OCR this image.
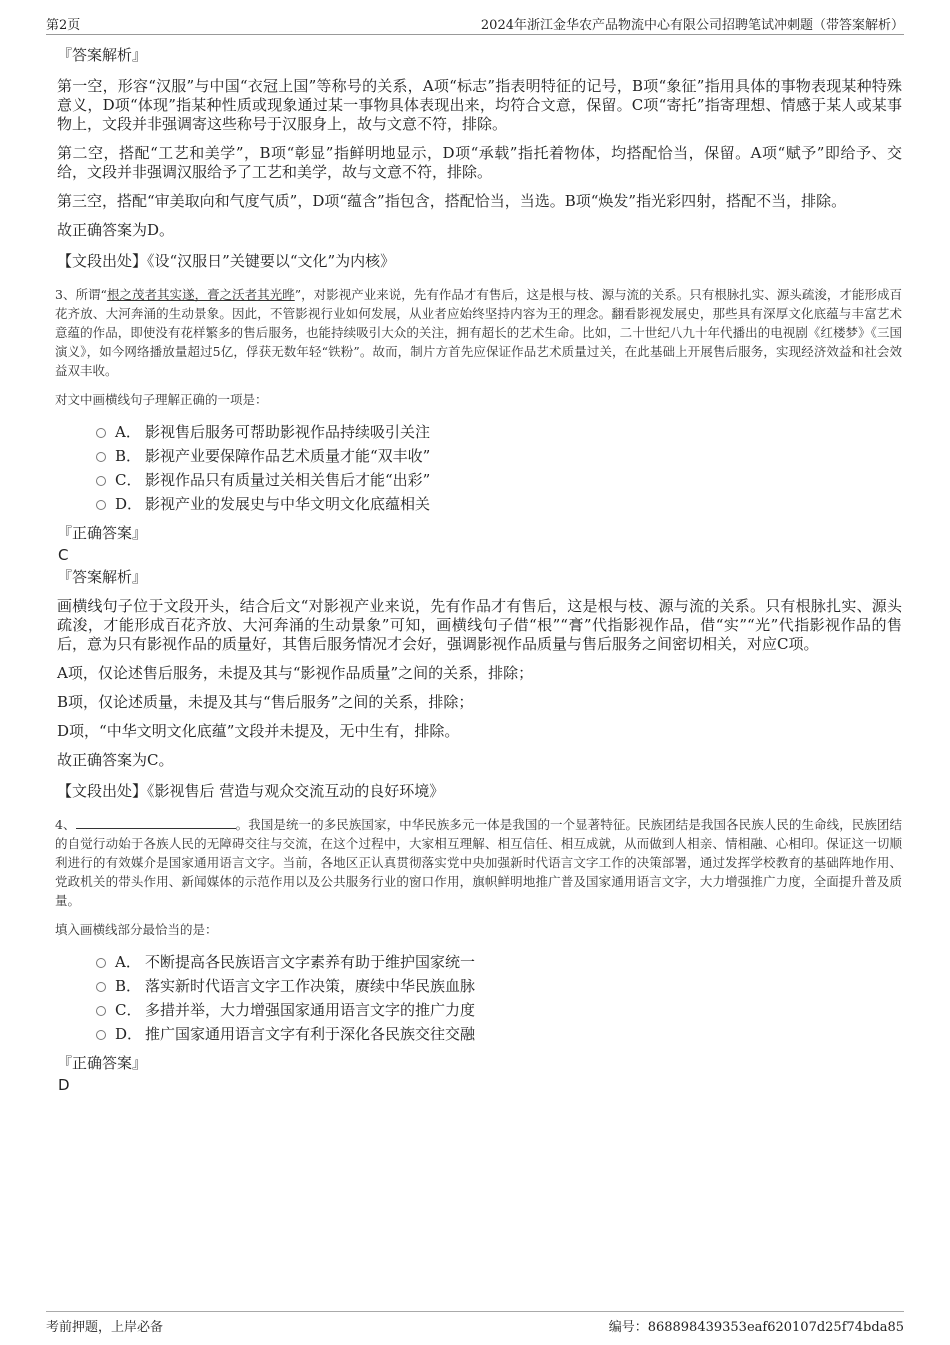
第2页	2024年浙江金华农产品物流中心有限公司招聘笔试冲刺题（带答案解析）
『答案解析』

第一空，形容“汉服”与中国“衣冠上国”等称号的关系，A项“标志”指表明特征的记号，B项“象征”指用具体的事物表现某种特殊意义，D项“体现”指某种性质或现象通过某一事物具体表现出来，均符合文意，保留。C项“寄托”指寄理想、情感于某人或某事物上，文段并非强调寄这些称号于汉服身上，故与文意不符，排除。

第二空，搭配“工艺和美学”，B项“彰显”指鲜明地显示，D项“承载”指托着物体，均搭配恰当，保留。A项“赋予”即给予、交给，文段并非强调汉服给予了工艺和美学，故与文意不符，排除。

第三空，搭配“审美取向和气度气质”，D项“蕴含”指包含，搭配恰当，当选。B项“焕发”指光彩四射，搭配不当，排除。

故正确答案为D。

【文段出处】《设“汉服日”关键要以“文化”为内核》

3、所谓“根之茂者其实遂，膏之沃者其光晔”，对影视产业来说，先有作品才有售后，这是根与枝、源与流的关系。只有根脉扎实、源头疏浚，才能形成百花齐放、大河奔涌的生动景象。因此，不管影视行业如何发展，从业者应始终坚持内容为王的理念。翻看影视发展史，那些具有深厚文化底蕴与丰富艺术意蕴的作品，即使没有花样繁多的售后服务，也能持续吸引大众的关注，拥有超长的艺术生命。比如，二十世纪八九十年代播出的电视剧《红楼梦》《三国演义》，如今网络播放量超过5亿，俘获无数年轻“铁粉”。故而，制片方首先应保证作品艺术质量过关，在此基础上开展售后服务，实现经济效益和社会效益双丰收。

对文中画横线句子理解正确的一项是：
A． 影视售后服务可帮助影视作品持续吸引关注
B． 影视产业要保障作品艺术质量才能“双丰收”
C． 影视作品只有质量过关相关售后才能“出彩”
D． 影视产业的发展史与中华文明文化底蕴相关
『正确答案』
C
『答案解析』

画横线句子位于文段开头，结合后文“对影视产业来说，先有作品才有售后，这是根与枝、源与流的关系。只有根脉扎实、源头疏浚，才能形成百花齐放、大河奔涌的生动景象”可知，画横线句子借“根”“膏”代指影视作品，借“实”“光”代指影视作品的售后，意为只有影视作品的质量好，其售后服务情况才会好，强调影视作品质量与售后服务之间密切相关，对应C项。

A项，仅论述售后服务，未提及其与“影视作品质量”之间的关系，排除；

B项，仅论述质量，未提及其与“售后服务”之间的关系，排除；

D项，“中华文明文化底蕴”文段并未提及，无中生有，排除。

故正确答案为C。

【文段出处】《影视售后 营造与观众交流互动的良好环境》

4、	。我国是统一的多民族国家，中华民族多元一体是我国的一个显著特征。民族团结是我国各民族人民的生命线，民族团结的自觉行动始于各族人民的无障碍交往与交流，在这个过程中，大家相互理解、相互信任、相互成就，从而做到人相亲、情相融、心相印。保证这一切顺利进行的有效媒介是国家通用语言文字。当前，各地区正认真贯彻落实党中央加强新时代语言文字工作的决策部署，通过发挥学校教育的基础阵地作用、党政机关的带头作用、新闻媒体的示范作用以及公共服务行业的窗口作用，旗帜鲜明地推广普及国家通用语言文字，大力增强推广力度，全面提升普及质量。

填入画横线部分最恰当的是：
A． 不断提高各民族语言文字素养有助于维护国家统一
B． 落实新时代语言文字工作决策，赓续中华民族血脉
C． 多措并举，大力增强国家通用语言文字的推广力度
D． 推广国家通用语言文字有利于深化各民族交往交融
『正确答案』
D
考前押题，上岸必备	编号：868898439353eaf620107d25f74bda85
